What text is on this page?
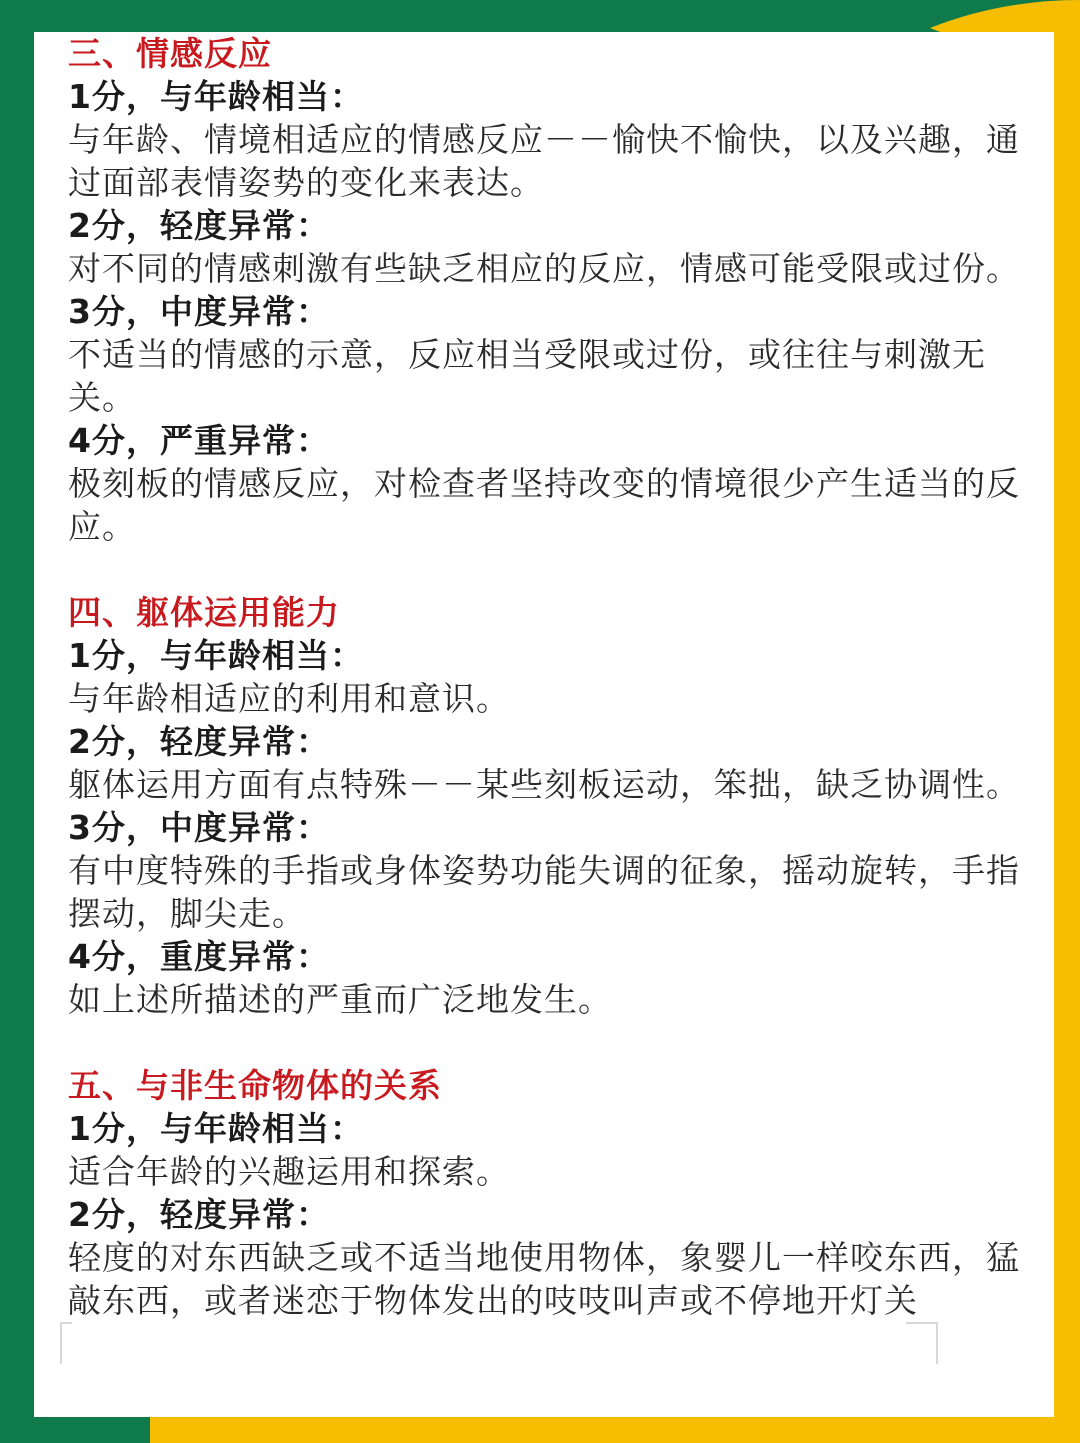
三、情感反应
1分，与年龄相当：
与年龄、情境相适应的情感反应－－愉快不愉快，以及兴趣，通过面部表情姿势的变化来表达。
2分，轻度异常：
对不同的情感刺激有些缺乏相应的反应，情感可能受限或过份。
3分，中度异常：
不适当的情感的示意，反应相当受限或过份，或往往与刺激无关。
4分，严重异常：
极刻板的情感反应，对检查者坚持改变的情境很少产生适当的反应。
四、躯体运用能力
1分，与年龄相当：
与年龄相适应的利用和意识。
2分，轻度异常：
躯体运用方面有点特殊－－某些刻板运动，笨拙，缺乏协调性。
3分，中度异常：
有中度特殊的手指或身体姿势功能失调的征象，摇动旋转，手指摆动，脚尖走。
4分，重度异常：
如上述所描述的严重而广泛地发生。
五、与非生命物体的关系
1分，与年龄相当：
适合年龄的兴趣运用和探索。
2分，轻度异常：
轻度的对东西缺乏或不适当地使用物体，象婴儿一样咬东西，猛敲东西，或者迷恋于物体发出的吱吱叫声或不停地开灯关
